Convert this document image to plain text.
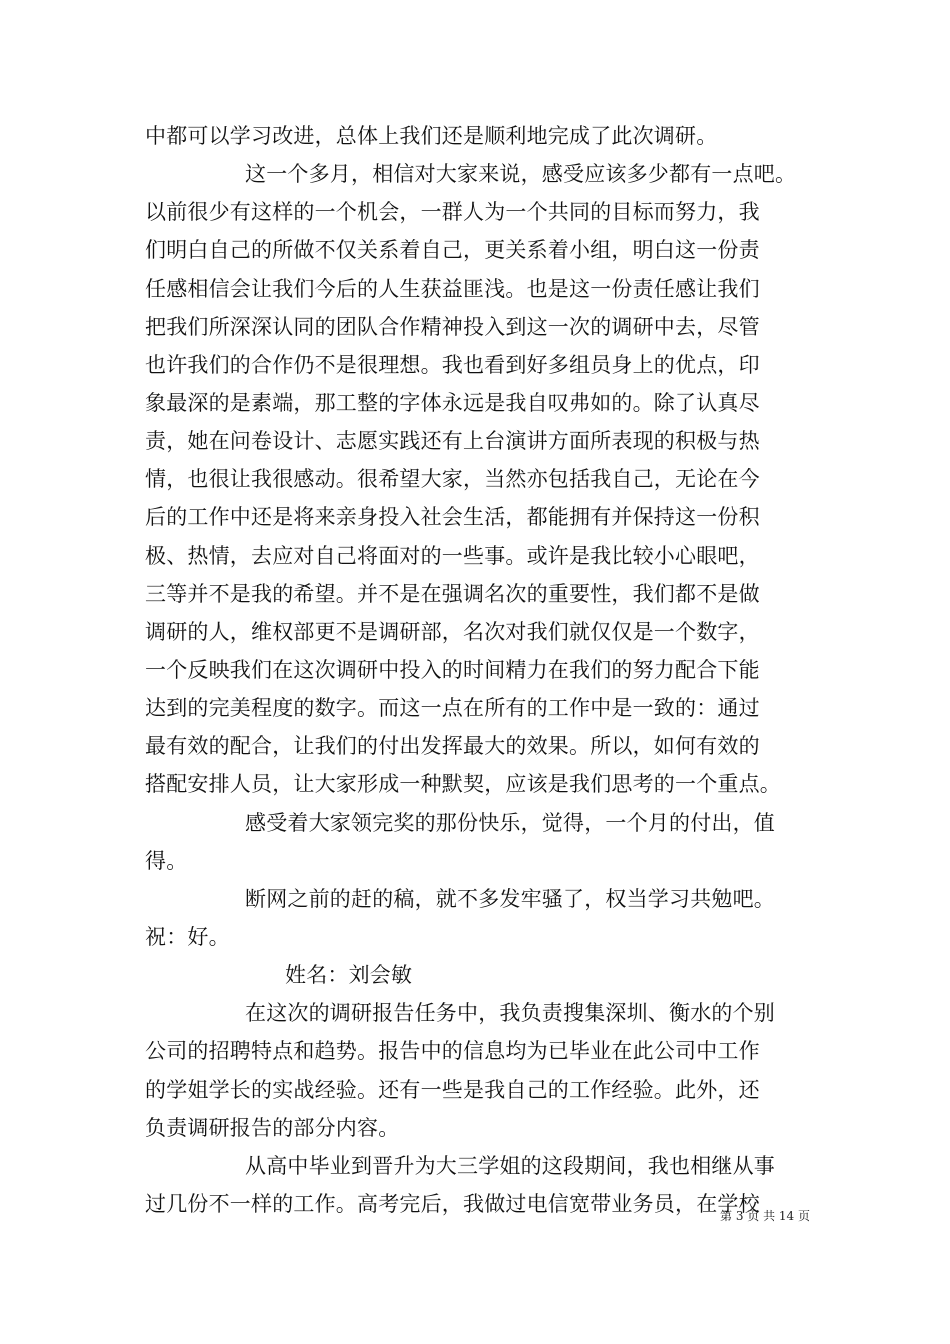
中都可以学习改进，总体上我们还是顺利地完成了此次调研。
这一个多月，相信对大家来说，感受应该多少都有一点吧。
以前很少有这样的一个机会，一群人为一个共同的目标而努力，我
们明白自己的所做不仅关系着自己，更关系着小组，明白这一份责
任感相信会让我们今后的人生获益匪浅。也是这一份责任感让我们
把我们所深深认同的团队合作精神投入到这一次的调研中去，尽管
也许我们的合作仍不是很理想。我也看到好多组员身上的优点，印
象最深的是素端，那工整的字体永远是我自叹弗如的。除了认真尽
责，她在问卷设计、志愿实践还有上台演讲方面所表现的积极与热
情，也很让我很感动。很希望大家，当然亦包括我自己，无论在今
后的工作中还是将来亲身投入社会生活，都能拥有并保持这一份积
极、热情，去应对自己将面对的一些事。或许是我比较小心眼吧，
三等并不是我的希望。并不是在强调名次的重要性，我们都不是做
调研的人，维权部更不是调研部，名次对我们就仅仅是一个数字，
一个反映我们在这次调研中投入的时间精力在我们的努力配合下能
达到的完美程度的数字。而这一点在所有的工作中是一致的：通过
最有效的配合，让我们的付出发挥最大的效果。所以，如何有效的
搭配安排人员，让大家形成一种默契，应该是我们思考的一个重点。
感受着大家领完奖的那份快乐，觉得，一个月的付出，值
得。
断网之前的赶的稿，就不多发牢骚了，权当学习共勉吧。
祝：好。
姓名：刘会敏
在这次的调研报告任务中，我负责搜集深圳、衡水的个别
公司的招聘特点和趋势。报告中的信息均为已毕业在此公司中工作
的学姐学长的实战经验。还有一些是我自己的工作经验。此外，还
负责调研报告的部分内容。
从高中毕业到晋升为大三学姐的这段期间，我也相继从事
过几份不一样的工作。高考完后，我做过电信宽带业务员，在学校
第 3 页 共 14 页
